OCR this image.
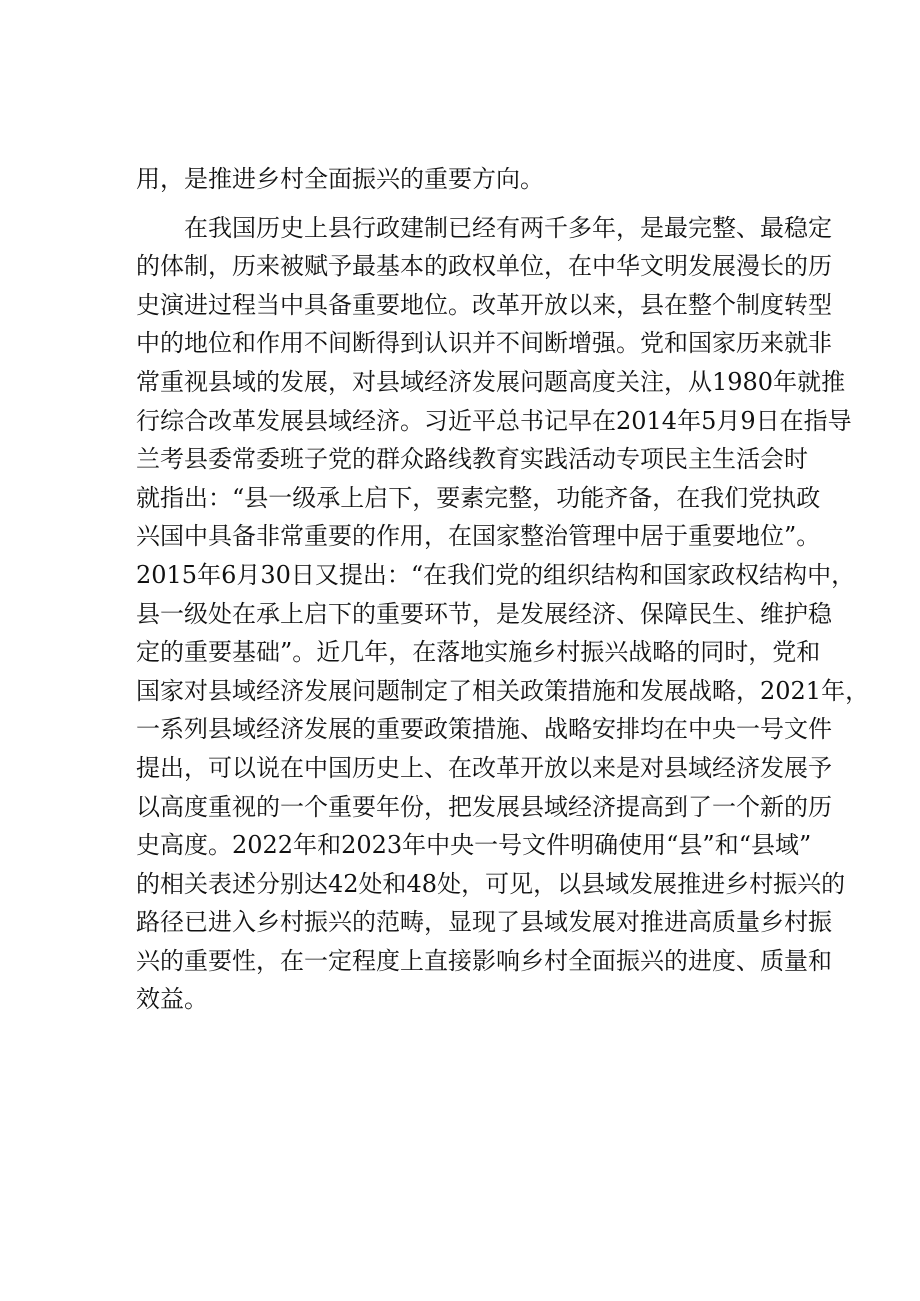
用，是推进乡村全面振兴的重要方向。
　　在我国历史上县行政建制已经有两千多年，是最完整、最稳定
的体制，历来被赋予最基本的政权单位，在中华文明发展漫长的历
史演进过程当中具备重要地位。改革开放以来，县在整个制度转型
中的地位和作用不间断得到认识并不间断增强。党和国家历来就非
常重视县域的发展，对县域经济发展问题高度关注，从1980年就推
行综合改革发展县域经济。习近平总书记早在2014年5月9日在指导
兰考县委常委班子党的群众路线教育实践活动专项民主生活会时
就指出：“县一级承上启下，要素完整，功能齐备，在我们党执政
兴国中具备非常重要的作用，在国家整治管理中居于重要地位”。
2015年6月30日又提出：“在我们党的组织结构和国家政权结构中，
县一级处在承上启下的重要环节，是发展经济、保障民生、维护稳
定的重要基础”。近几年，在落地实施乡村振兴战略的同时，党和
国家对县域经济发展问题制定了相关政策措施和发展战略，2021年，
一系列县域经济发展的重要政策措施、战略安排均在中央一号文件
提出，可以说在中国历史上、在改革开放以来是对县域经济发展予
以高度重视的一个重要年份，把发展县域经济提高到了一个新的历
史高度。2022年和2023年中央一号文件明确使用“县”和“县域”
的相关表述分别达42处和48处，可见，以县域发展推进乡村振兴的
路径已进入乡村振兴的范畴，显现了县域发展对推进高质量乡村振
兴的重要性，在一定程度上直接影响乡村全面振兴的进度、质量和
效益。
